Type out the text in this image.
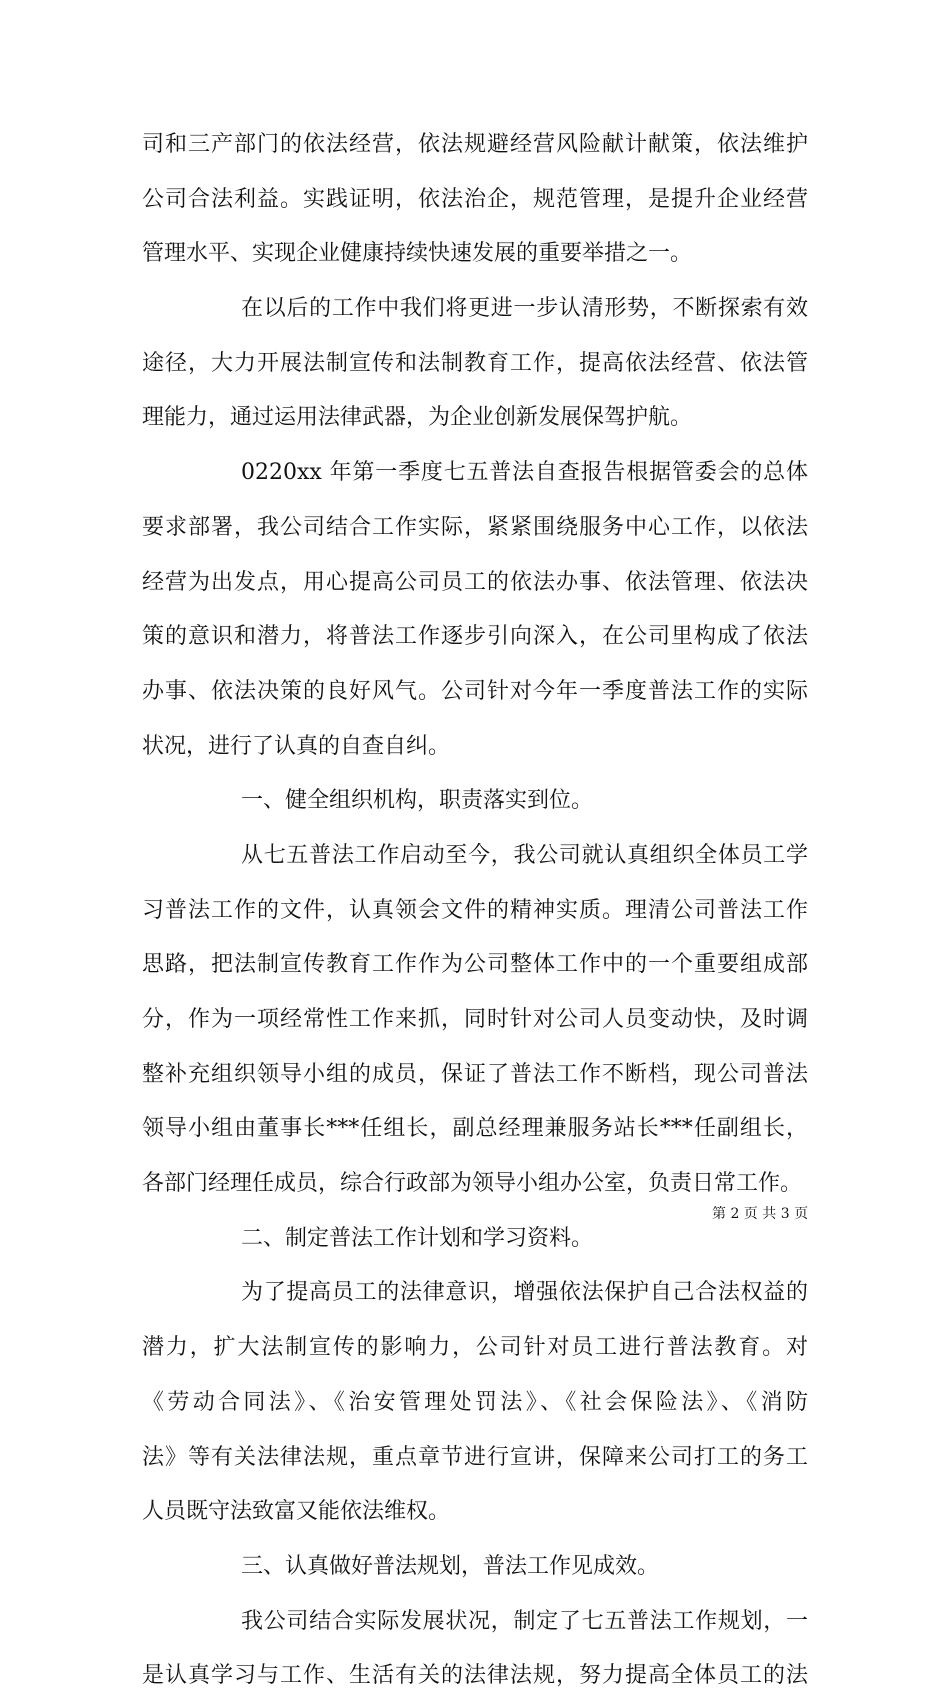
司和三产部门的依法经营，依法规避经营风险献计献策，依法维护
公司合法利益。实践证明，依法治企，规范管理，是提升企业经营
管理水平、实现企业健康持续快速发展的重要举措之一。
在以后的工作中我们将更进一步认清形势，不断探索有效
途径，大力开展法制宣传和法制教育工作，提高依法经营、依法管
理能力，通过运用法律武器，为企业创新发展保驾护航。
0220xx 年第一季度七五普法自查报告根据管委会的总体
要求部署，我公司结合工作实际，紧紧围绕服务中心工作，以依法
经营为出发点，用心提高公司员工的依法办事、依法管理、依法决
策的意识和潜力，将普法工作逐步引向深入，在公司里构成了依法
办事、依法决策的良好风气。公司针对今年一季度普法工作的实际
状况，进行了认真的自查自纠。
一、健全组织机构，职责落实到位。
从七五普法工作启动至今，我公司就认真组织全体员工学
习普法工作的文件，认真领会文件的精神实质。理清公司普法工作
思路，把法制宣传教育工作作为公司整体工作中的一个重要组成部
分，作为一项经常性工作来抓，同时针对公司人员变动快，及时调
整补充组织领导小组的成员，保证了普法工作不断档，现公司普法
领导小组由董事长***任组长，副总经理兼服务站长***任副组长，
各部门经理任成员，综合行政部为领导小组办公室，负责日常工作。
二、制定普法工作计划和学习资料。
为了提高员工的法律意识，增强依法保护自己合法权益的
潜力，扩大法制宣传的影响力，公司针对员工进行普法教育。对
《劳动合同法》、《治安管理处罚法》、《社会保险法》、《消防
法》等有关法律法规，重点章节进行宣讲，保障来公司打工的务工
人员既守法致富又能依法维权。
三、认真做好普法规划，普法工作见成效。
我公司结合实际发展状况，制定了七五普法工作规划，一
是认真学习与工作、生活有关的法律法规，努力提高全体员工的法
第 2 页 共 3 页
